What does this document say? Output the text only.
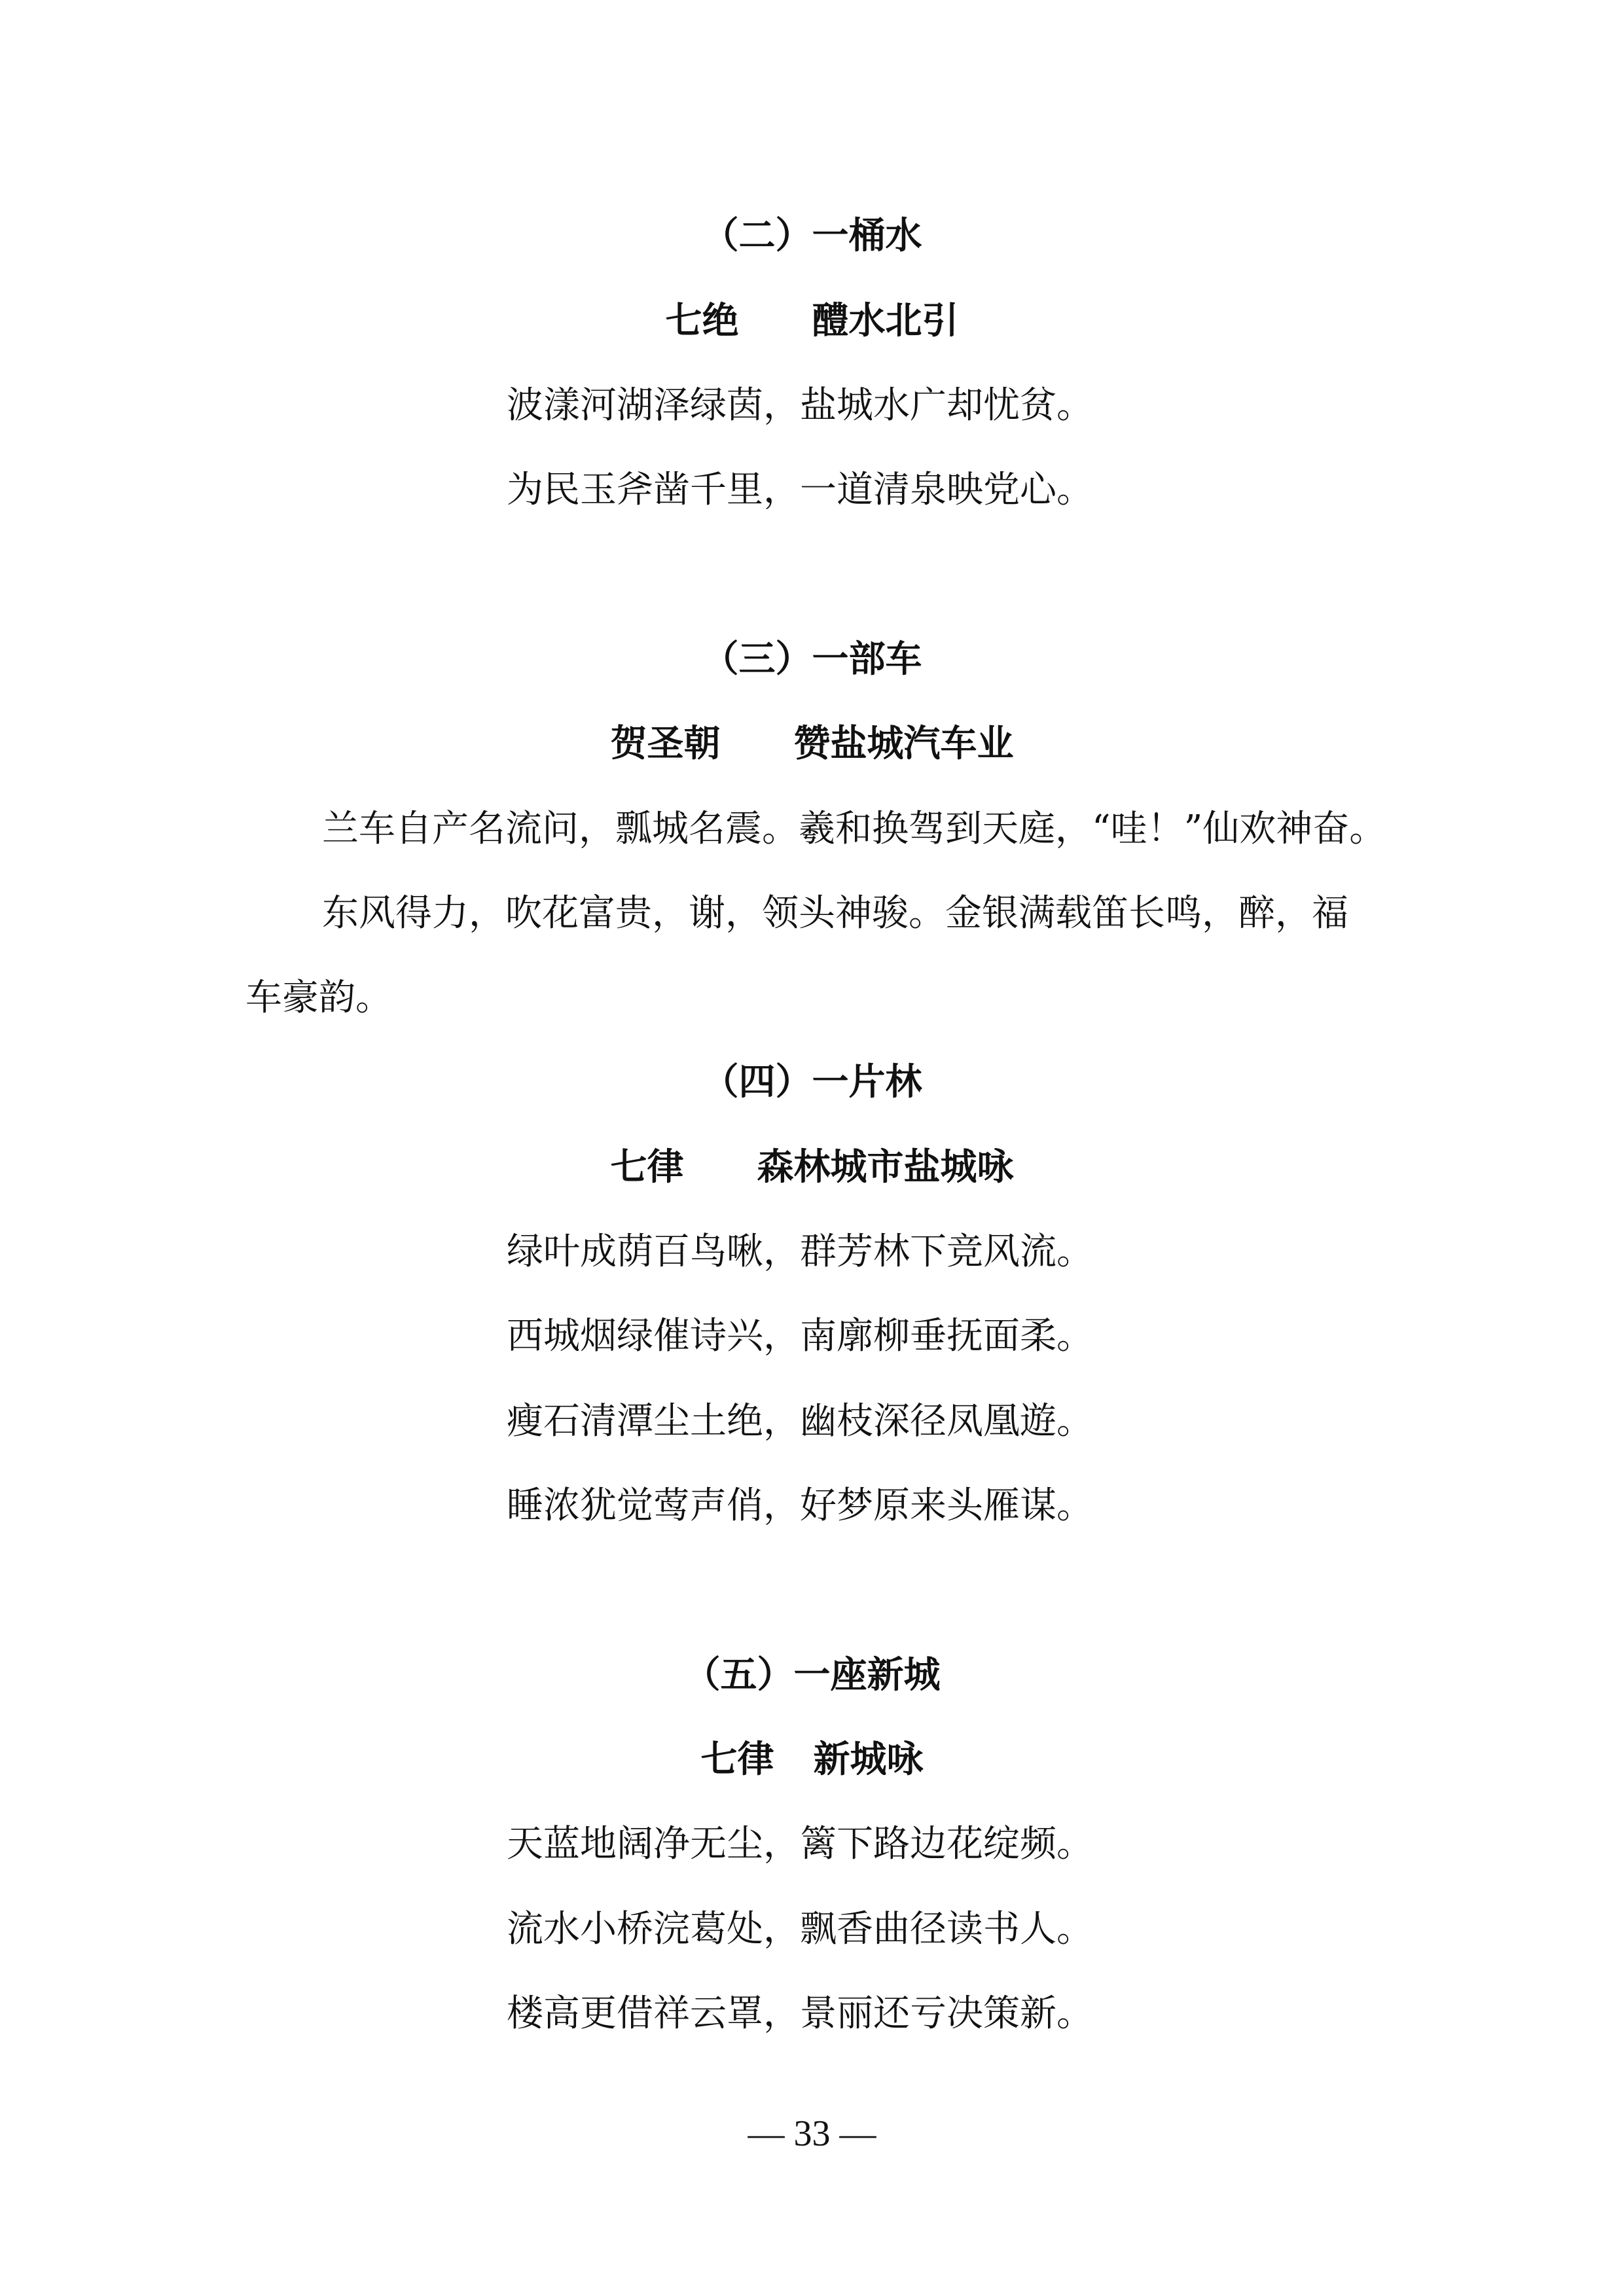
（二）一桶水
七绝 醴水北引
波漾河湖泽绿茵，盐城水广却忧贫。
为民玉斧凿千里，一道清泉映党心。
（三）一部车
贺圣朝 赞盐城汽车业
兰车自产名流问，瓢城名震。羲和换驾到天庭，“哇！”仙欢神奋。
东风得力，吹花富贵，谢，领头神骏。金银满载笛长鸣，醉，福
车豪韵。
（四）一片林
七律 森林城市盐城咏
绿叶成荫百鸟啾，群芳林下竞风流。
西城烟绿催诗兴，南廓柳垂抚面柔。
瘦石清潭尘土绝，幽枝深径凤凰遊。
睡浓犹觉莺声俏，好梦原来头雁谋。
（五）一座新城
七律 新城咏
天蓝地阔净无尘，篱下路边花绽频。
流水小桥浣葛处，飘香曲径读书人。
楼高更借祥云罩，景丽还亏决策新。
— 33 —
